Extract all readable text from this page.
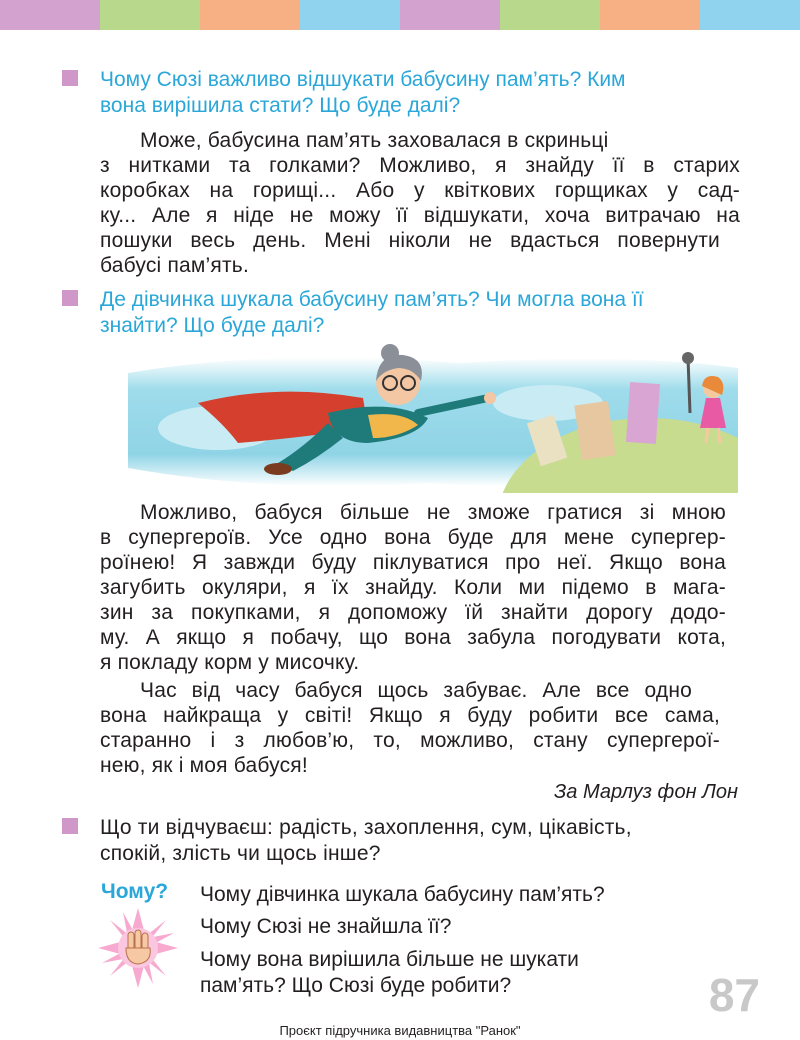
Чому Сюзі важливо відшукати бабусину пам’ять? Ким
вона вирішила стати? Що буде далі?
Може, бабусина пам’ять заховалася в скриньці
з нитками та голками? Можливо, я знайду її в старих
коробках на горищі... Або у квіткових горщиках у сад-
ку... Але я ніде не можу її відшукати, хоча витрачаю на
пошуки весь день. Мені ніколи не вдасться повернути
бабусі пам’ять.
Де дівчинка шукала бабусину пам’ять? Чи могла вона її
знайти? Що буде далі?
Можливо, бабуся більше не зможе гратися зі мною
в супергероїв. Усе одно вона буде для мене супергер-
роїнею! Я завжди буду піклуватися про неї. Якщо вона
загубить окуляри, я їх знайду. Коли ми підемо в мага-
зин за покупками, я допоможу їй знайти дорогу додо-
му. А якщо я побачу, що вона забула погодувати кота,
я покладу корм у мисочку.
Час від часу бабуся щось забуває. Але все одно
вона найкраща у світі! Якщо я буду робити все сама,
старанно і з любов’ю, то, можливо, стану супергерої-
нею, як і моя бабуся!
За Марлуз фон Лон
Що ти відчуваєш: радість, захоплення, сум, цікавість,
спокій, злість чи щось інше?
Чому? Чому дівчинка шукала бабусину пам’ять?
Чому Сюзі не знайшла її?
Чому вона вирішила більше не шукати
пам’ять? Що Сюзі буде робити?	87
Проєкт підручника видавництва "Ранок"
